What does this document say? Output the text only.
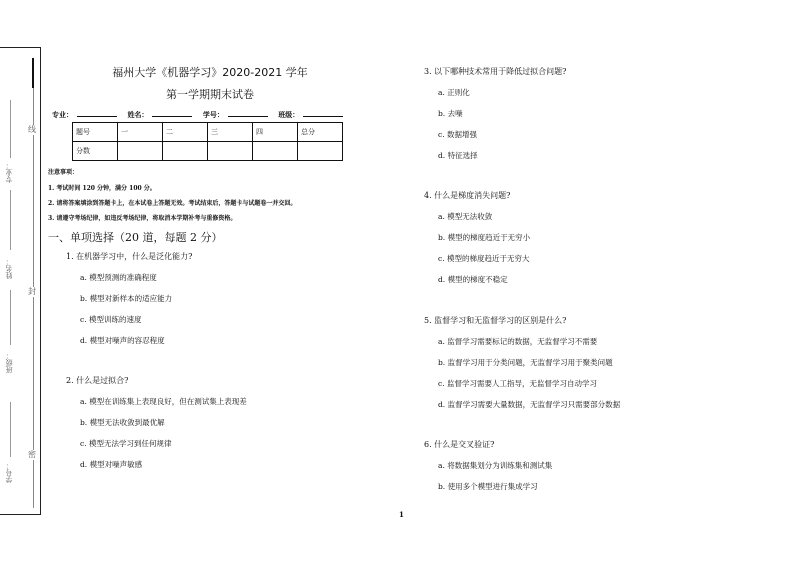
线
封
密
专业：
姓名：
班级：
学号：
福州大学《机器学习》2020-2021 学年
第一学期期末试卷
专业：	姓名：	学号：	班级：
题号	一	二	三	四	总分
分数					
注意事项：
1. 考试时间 120 分钟，满分 100 分。
2. 请将答案填涂到答题卡上，在本试卷上答题无效。考试结束后，答题卡与试题卷一并交回。
3. 请遵守考场纪律，如违反考场纪律，将取消本学期补考与重修资格。
一、单项选择（20 道，每题 2 分）
1. 在机器学习中，什么是泛化能力?
a. 模型预测的准确程度
b. 模型对新样本的适应能力
c. 模型训练的速度
d. 模型对噪声的容忍程度
2. 什么是过拟合?
a. 模型在训练集上表现良好，但在测试集上表现差
b. 模型无法收敛到最优解
c. 模型无法学习到任何规律
d. 模型对噪声敏感
3. 以下哪种技术常用于降低过拟合问题?
a. 正则化
b. 去噪
c. 数据增强
d. 特征选择
4. 什么是梯度消失问题?
a. 模型无法收敛
b. 模型的梯度趋近于无穷小
c. 模型的梯度趋近于无穷大
d. 模型的梯度不稳定
5. 监督学习和无监督学习的区别是什么?
a. 监督学习需要标记的数据，无监督学习不需要
b. 监督学习用于分类问题，无监督学习用于聚类问题
c. 监督学习需要人工指导，无监督学习自动学习
d. 监督学习需要大量数据，无监督学习只需要部分数据
6. 什么是交叉验证?
a. 将数据集划分为训练集和测试集
b. 使用多个模型进行集成学习
1
